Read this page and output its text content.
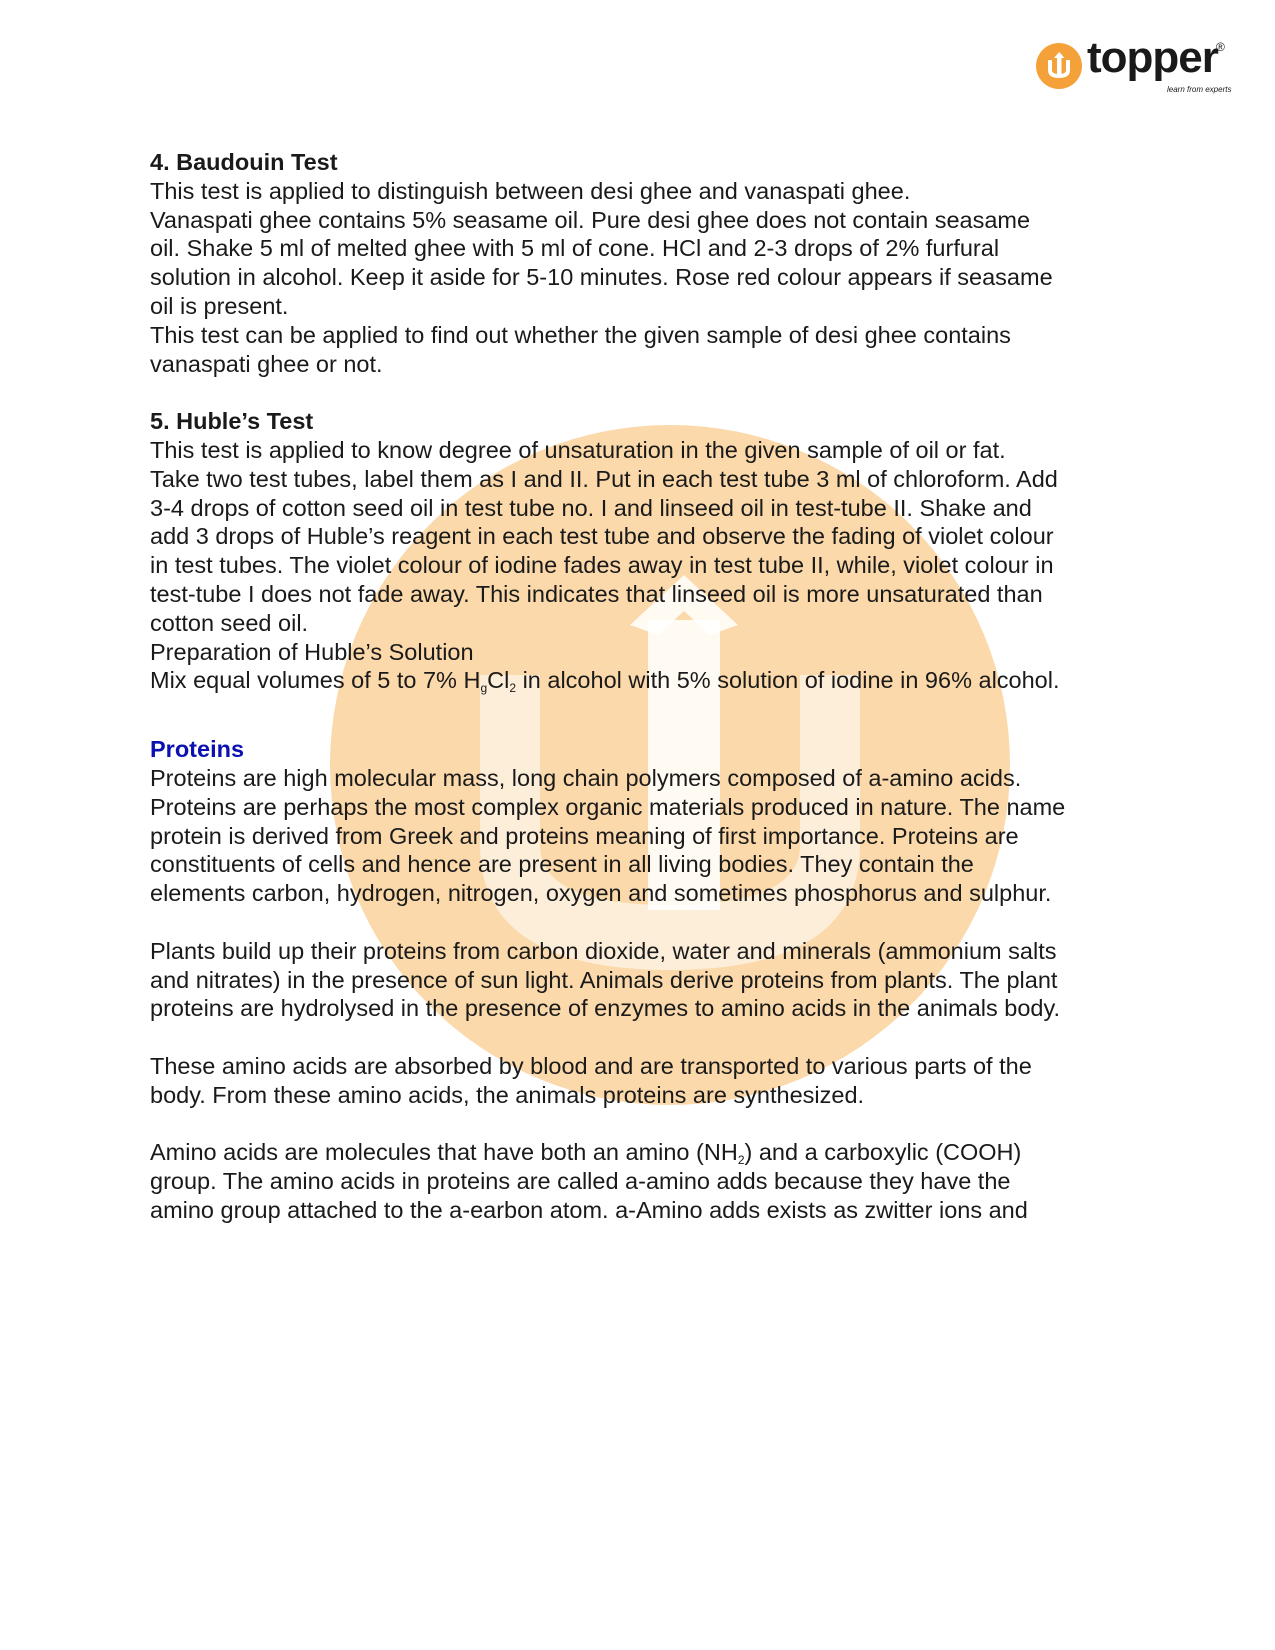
topper
®
learn from experts

4. Baudouin Test

This test is applied to distinguish between desi ghee and vanaspati ghee.

Vanaspati ghee contains 5% seasame oil. Pure desi ghee does not contain seasame

oil. Shake 5 ml of melted ghee with 5 ml of cone. HCl and 2-3 drops of 2% furfural

solution in alcohol. Keep it aside for 5-10 minutes. Rose red colour appears if seasame

oil is present.

This test can be applied to find out whether the given sample of desi ghee contains

vanaspati ghee or not.

5. Huble’s Test

This test is applied to know degree of unsaturation in the given sample of oil or fat.

Take two test tubes, label them as I and II. Put in each test tube 3 ml of chloroform. Add

3-4 drops of cotton seed oil in test tube no. I and linseed oil in test-tube II. Shake and

add 3 drops of Huble’s reagent in each test tube and observe the fading of violet colour

in test tubes. The violet colour of iodine fades away in test tube II, while, violet colour in

test-tube I does not fade away. This indicates that linseed oil is more unsaturated than

cotton seed oil.

Preparation of Huble’s Solution

Mix equal volumes of 5 to 7% $H_gCl_2$ in alcohol with 5% solution of iodine in 96% alcohol.

Proteins

Proteins are high molecular mass, long chain polymers composed of a-amino acids.

Proteins are perhaps the most complex organic materials produced in nature. The name

protein is derived from Greek and proteins meaning of first importance. Proteins are

constituents of cells and hence are present in all living bodies. They contain the

elements carbon, hydrogen, nitrogen, oxygen and sometimes phosphorus and sulphur.

Plants build up their proteins from carbon dioxide, water and minerals (ammonium salts

and nitrates) in the presence of sun light. Animals derive proteins from plants. The plant

proteins are hydrolysed in the presence of enzymes to amino acids in the animals body.

These amino acids are absorbed by blood and are transported to various parts of the

body. From these amino acids, the animals proteins are synthesized.

Amino acids are molecules that have both an amino $(NH_2)$ and a carboxylic (COOH)

group. The amino acids in proteins are called a-amino adds because they have the

amino group attached to the a-earbon atom. a-Amino adds exists as zwitter ions and
